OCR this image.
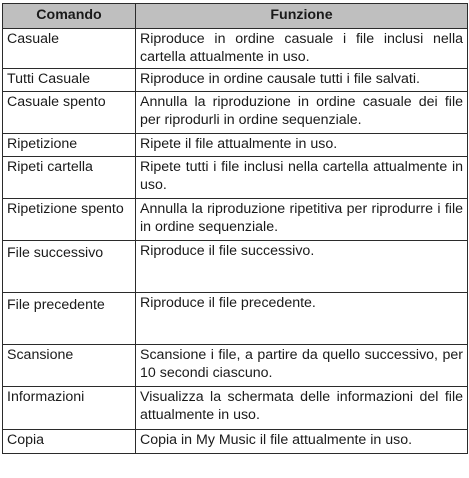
Comando	Funzione
Casuale	Riproduce in ordine casuale i file inclusi nella cartella attualmente in uso.
Tutti Casuale	Riproduce in ordine causale tutti i file salvati.
Casuale spento	Annulla la riproduzione in ordine casuale dei file per riprodurli in ordine sequenziale.
Ripetizione	Ripete il file attualmente in uso.
Ripeti cartella	Ripete tutti i file inclusi nella cartella attualmente in uso.
Ripetizione spento	Annulla la riproduzione ripetitiva per riprodurre i file in ordine sequenziale.
File successivo	Riproduce il file successivo.
File precedente	Riproduce il file precedente.
Scansione	Scansione i file, a partire da quello successivo, per 10 secondi ciascuno.
Informazioni	Visualizza la schermata delle informazioni del file attualmente in uso.
Copia	Copia in My Music il file attualmente in uso.
